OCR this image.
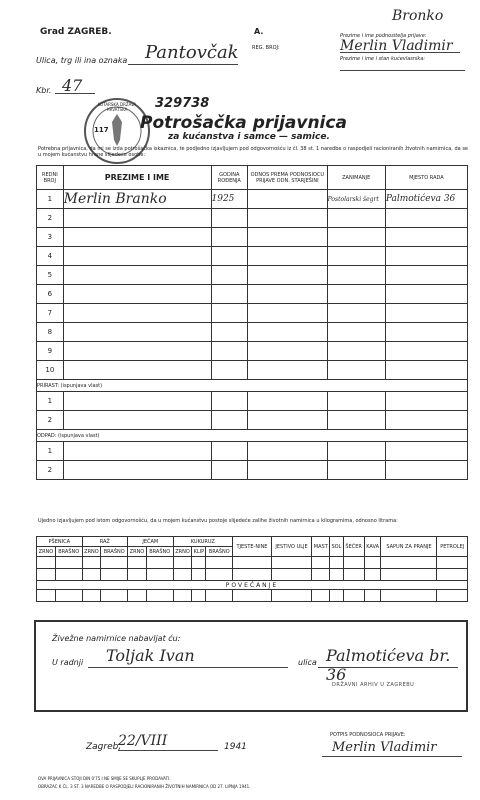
Grad ZAGREB.	A.
REG. BROJ:
Bronko
Prezime i ime podnositelja prijave:
Merlin Vladimir
Prezime i ime i stan kućevlasnika:
Ulica, trg ili ina oznaka Pantovčak
Kbr. 47
117
KOTARSKA DRŽAVA HRVATSKA	329738
Potrošačka prijavnica
za kućanstva i samce — samice.
Potrebna prijavnica, da mi se izda potrošačka iskaznica, te podjedno izjavljujem pod odgovornošću iz čl. 38 st. 1 naredbe o raspodjeli racioniranih životnih namirnica, da se u mojem kućanstvu hrane slijedeće osobe:
REDNI BROJ	PREZIME I IME	GODINA ROĐENJA	ODNOS PREMA PODNOSIOCU PRIJAVE ODN. STARJEŠINI	ZANIMANJE	MJESTO RADA
1	Merlin Branko	1925		Postolarski šegrt	Palmotićeva 36
2					
3					
4					
5					
6					
7					
8					
9					
10					
PRIRAST: (ispunjava vlast)					
1					
2					
ODPAD: (ispunjava vlast)					
1					
2					
Ujedno izjavljujem pod istom odgovornošću, da u mojem kućanstvu postoje slijedeće zalihe životnih namirnica u kilogramima, odnosno litrama:
PŠENICA		RAŽ		JEČAM		KUKURUZ			TJESTE-NINE	JESTIVO ULJE	MAST	SOL	ŠEĆER	KAVA	SAPUN ZA PRANJE	PETROLEJ
ZRNO	BRAŠNO	ZRNO	BRAŠNO	ZRNO	BRAŠNO	ZRNO	KLIP	BRAŠNO								

POVEĆANJE																

Živežne namirnice nabavljat ću:
U radnji Toljak Ivan	ulica Palmotićeva br. 36
DRŽAVNI ARHIV U ZAGREBU
Zagreb,
22/VIII	1941
POTPIS PODNOSIOCA PRIJAVE:
Merlin Vladimir
OVA PRIJAVNICA STOJI DIN 0'75 I NE SMIJE SE SKUPLJE PRODAVATI.
OBRAZAC K ČL. 3 ST. 3 NAREDBE O RASPODJELI RACIONIRANIH ŽIVOTNIH NAMIRNICA OD 27. LIPNJA 1941.
